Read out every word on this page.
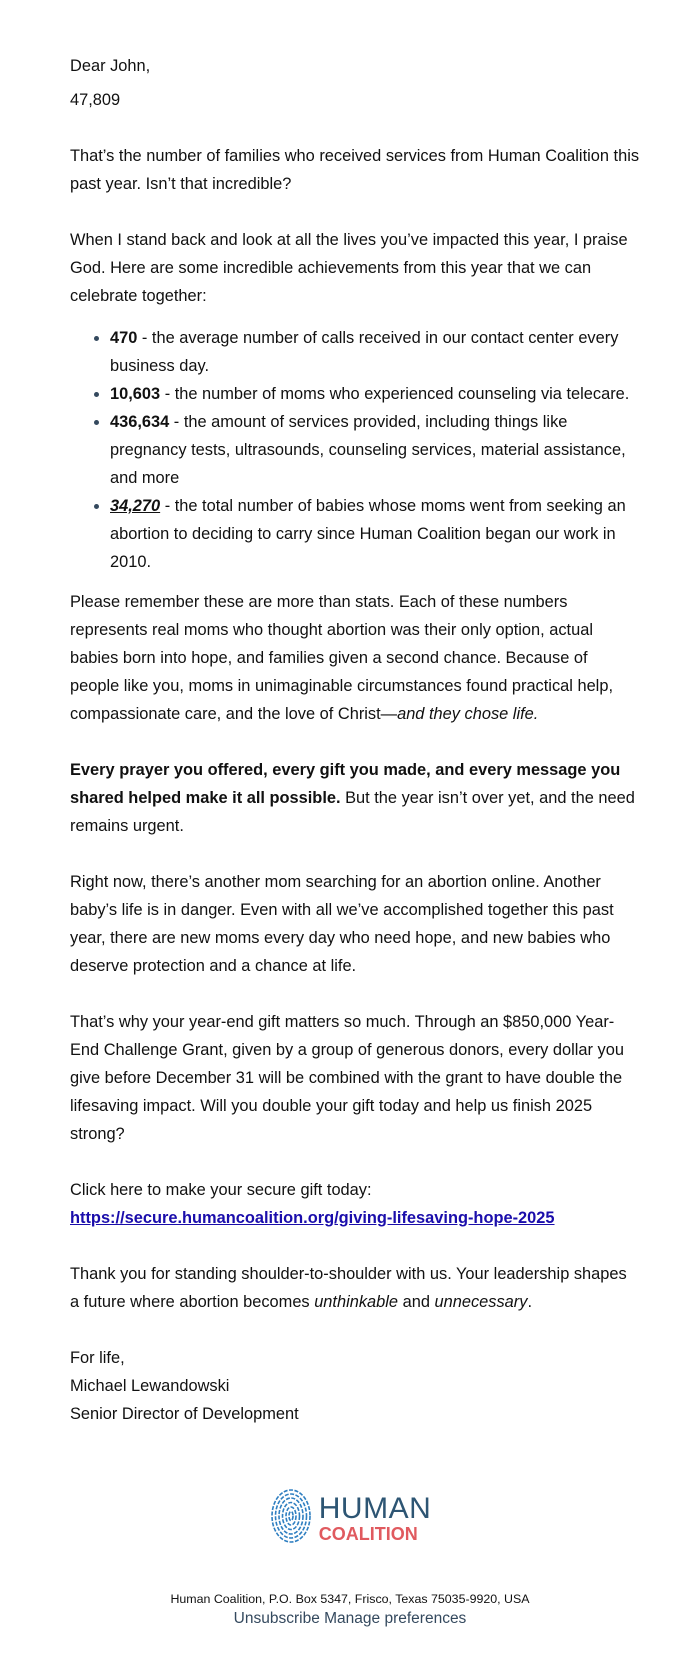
Dear John,

47,809

That’s the number of families who received services from Human Coalition this past year. Isn’t that incredible?

When I stand back and look at all the lives you’ve impacted this year, I praise God. Here are some incredible achievements from this year that we can celebrate together:

• 470 - the average number of calls received in our contact center every business day.
• 10,603 - the number of moms who experienced counseling via telecare.
• 436,634 - the amount of services provided, including things like pregnancy tests, ultrasounds, counseling services, material assistance, and more
• 34,270 - the total number of babies whose moms went from seeking an abortion to deciding to carry since Human Coalition began our work in 2010.

Please remember these are more than stats. Each of these numbers represents real moms who thought abortion was their only option, actual babies born into hope, and families given a second chance. Because of people like you, moms in unimaginable circumstances found practical help, compassionate care, and the love of Christ—and they chose life.

Every prayer you offered, every gift you made, and every message you shared helped make it all possible. But the year isn’t over yet, and the need remains urgent.

Right now, there’s another mom searching for an abortion online. Another baby’s life is in danger. Even with all we’ve accomplished together this past year, there are new moms every day who need hope, and new babies who deserve protection and a chance at life.

That’s why your year-end gift matters so much. Through an $850,000 Year-End Challenge Grant, given by a group of generous donors, every dollar you give before December 31 will be combined with the grant to have double the lifesaving impact. Will you double your gift today and help us finish 2025 strong?

Click here to make your secure gift today:
https://secure.humancoalition.org/giving-lifesaving-hope-2025

Thank you for standing shoulder-to-shoulder with us. Your leadership shapes a future where abortion becomes unthinkable and unnecessary.

For life,
Michael Lewandowski
Senior Director of Development
HUMAN
COALITION
Human Coalition, P.O. Box 5347, Frisco, Texas 75035-9920, USA
Unsubscribe Manage preferences
